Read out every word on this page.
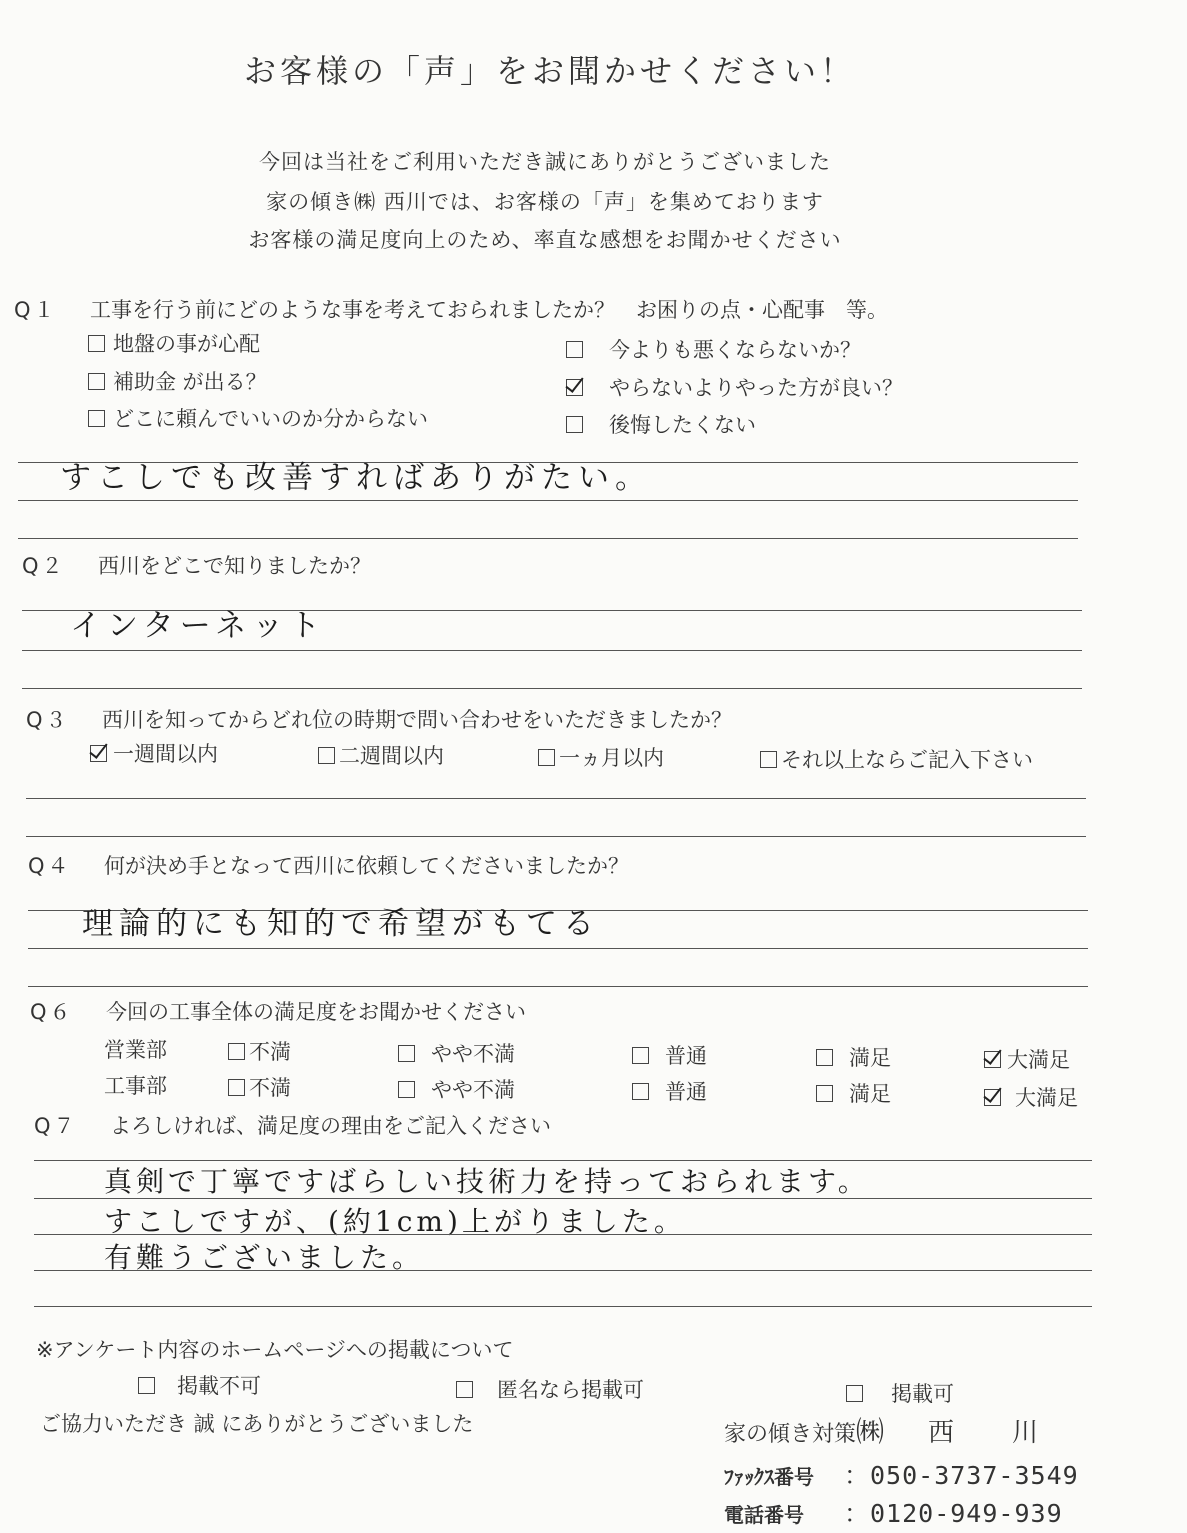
お客様の「声」をお聞かせください！
今回は当社をご利用いただき誠にありがとうございました
家の傾き㈱ 西川では、お客様の「声」を集めております
お客様の満足度向上のため、率直な感想をお聞かせください
Q１ 工事を行う前にどのような事を考えておられましたか？　お困りの点・心配事　等。
地盤の事が心配
補助金 が出る？
どこに頼んでいいのか分からない
今よりも悪くならないか？
やらないよりやった方が良い？
後悔したくない
すこしでも改善すればありがたい。
Q２ 西川をどこで知りましたか？
インターネット
Q３ 西川を知ってからどれ位の時期で問い合わせをいただきましたか？
一週間以内	二週間以内	一ヵ月以内	それ以上ならご記入下さい
Q４ 何が決め手となって西川に依頼してくださいましたか？
理論的にも知的で希望がもてる
Q６ 今回の工事全体の満足度をお聞かせください
営業部	不満	やや不満	普通	満足	大満足
工事部	不満	やや不満	普通	満足	大満足
Q７ よろしければ、満足度の理由をご記入ください
真剣で丁寧ですばらしい技術力を持っておられます。
すこしですが、(約1cm)上がりました。
有難うございました。
※アンケート内容のホームページへの掲載について
掲載不可	匿名なら掲載可	掲載可
ご協力いただき 誠 にありがとうございました	家の傾き対策㈱ 西　　川
ﾌｧｯｸｽ番号 ：050-3737-3549
電話番号 ：0120-949-939
